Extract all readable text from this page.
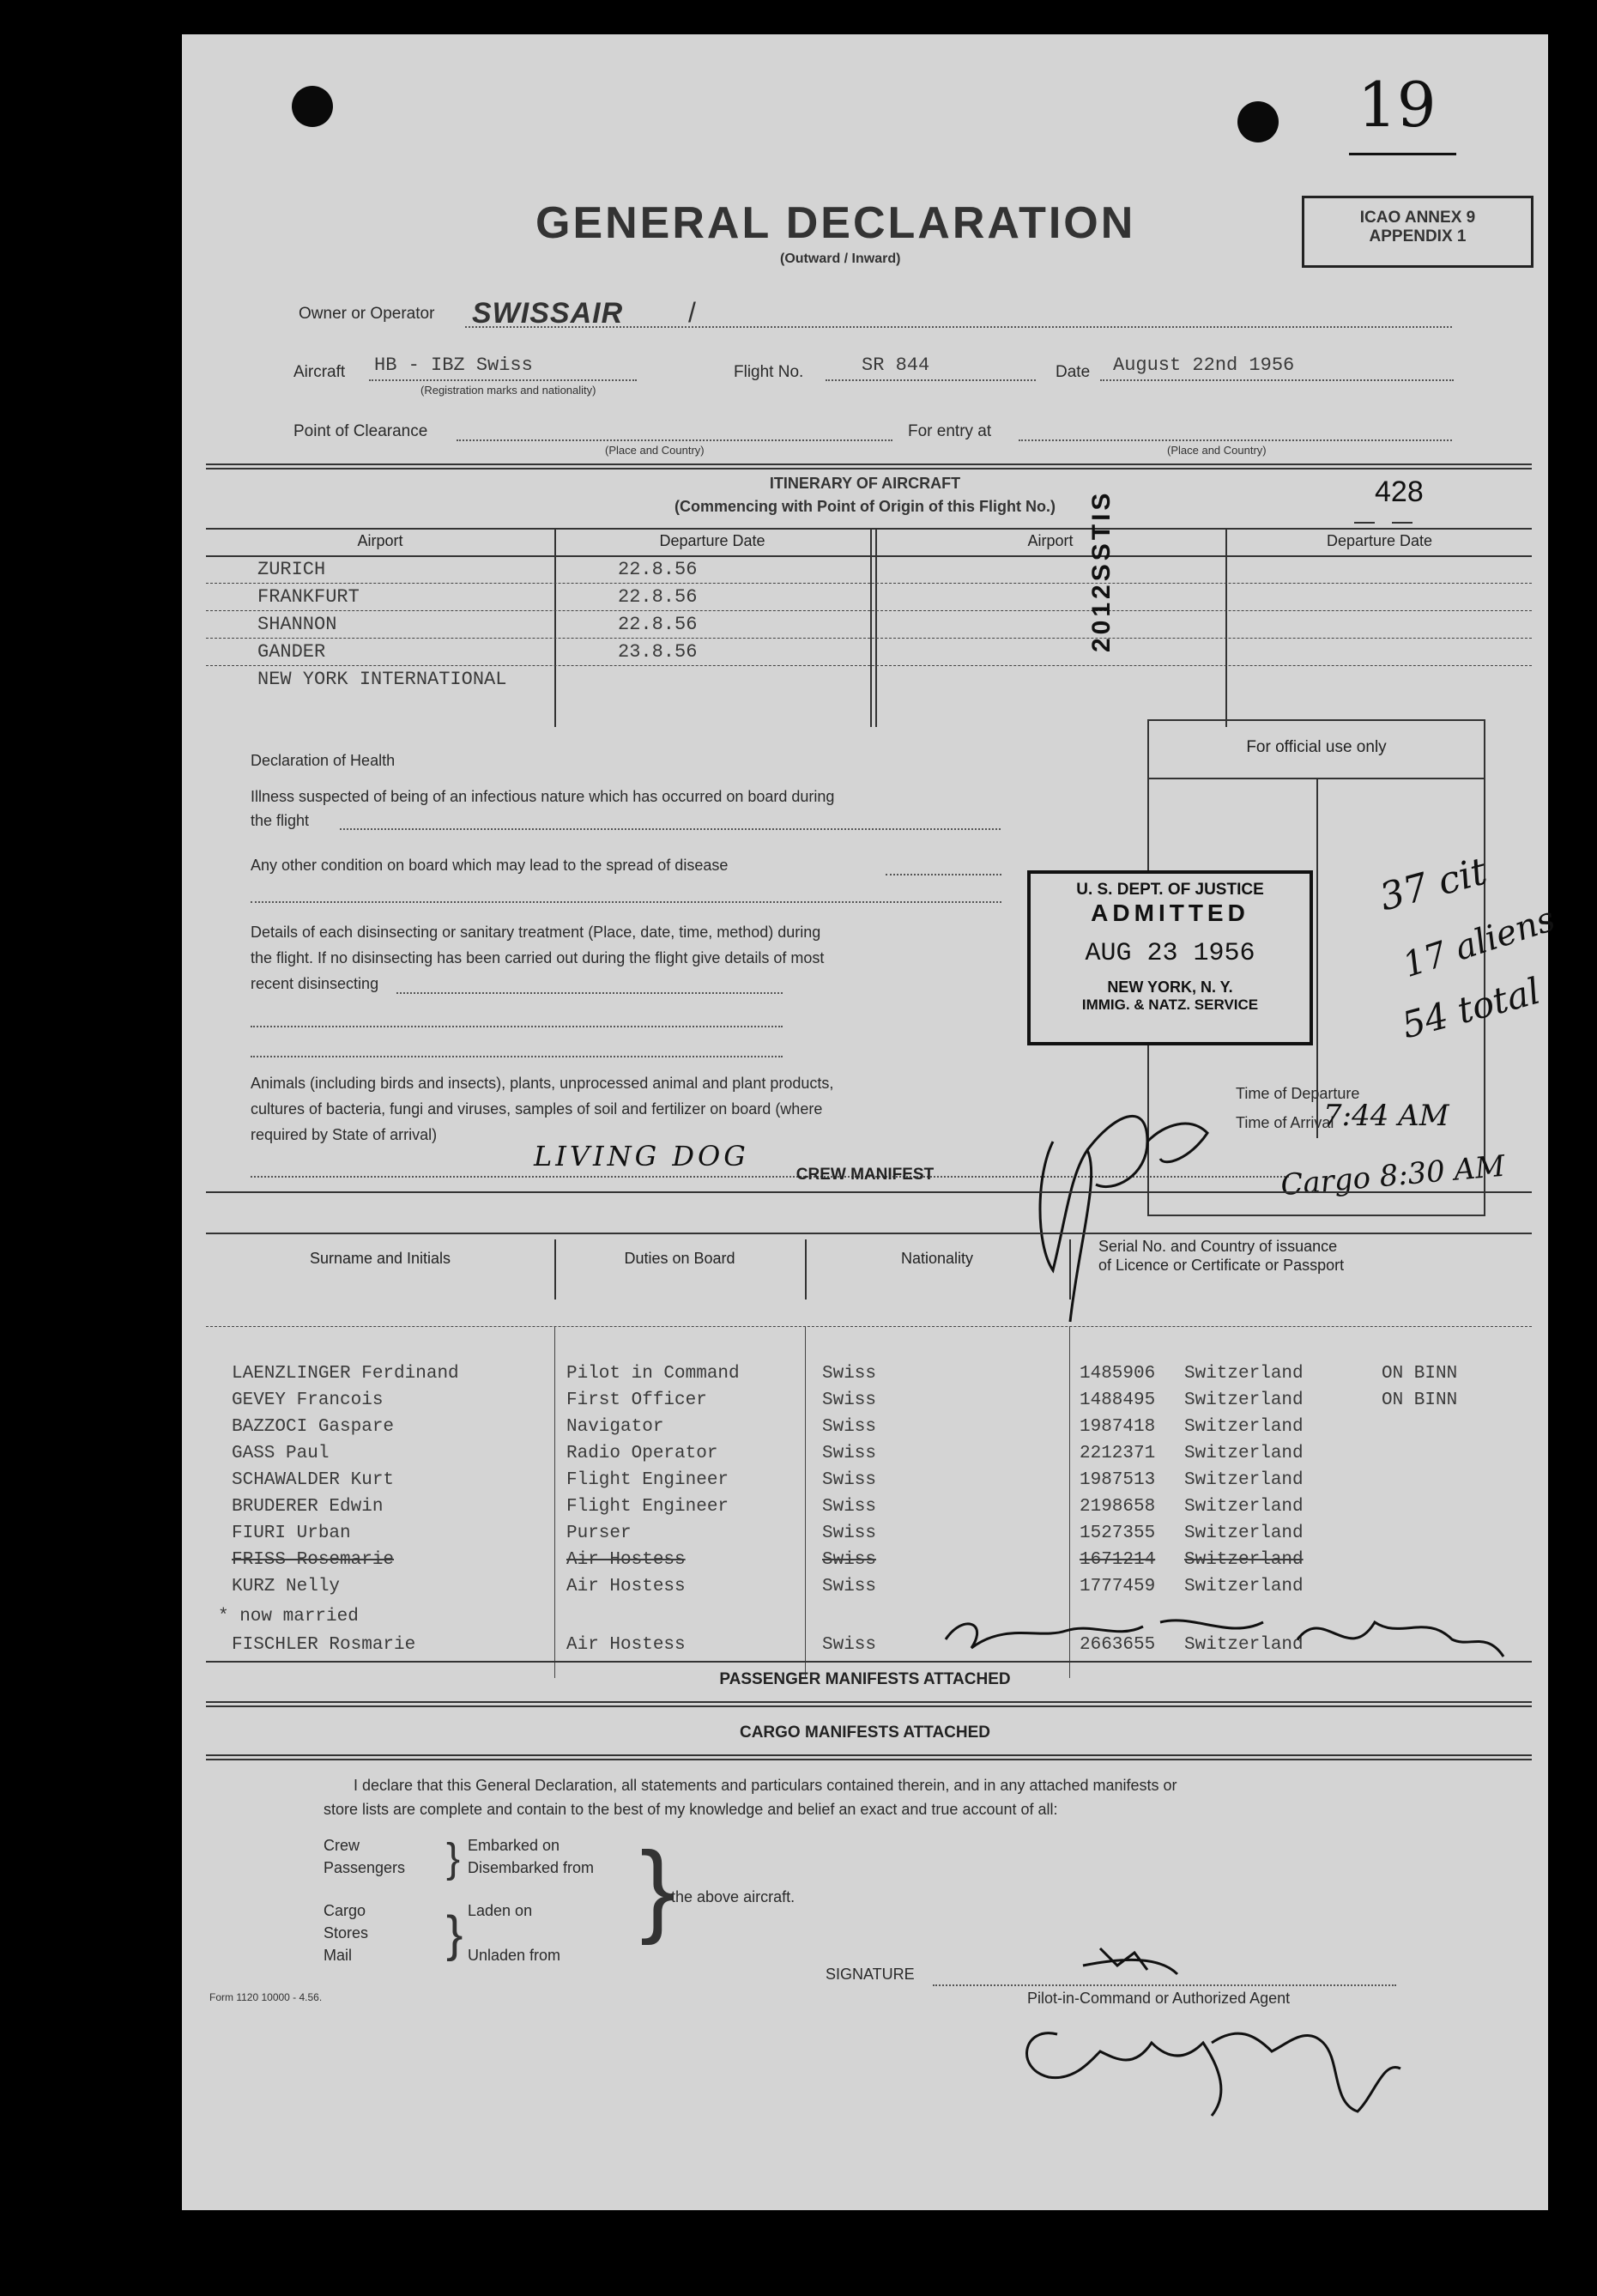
19
GENERAL DECLARATION
(Outward / Inward)
ICAO ANNEX 9
APPENDIX 1
Owner or Operator SWISSAIR /
Aircraft HB - IBZ Swiss
(Registration marks and nationality)
Flight No.	SR 844	Date August 22nd 1956
Point of Clearance
(Place and Country)
For entry at
(Place and Country)
ITINERARY OF AIRCRAFT
(Commencing with Point of Origin of this Flight No.)	428
Airport	Departure Date	Airport	Departure Date
ZURICH	22.8.56
FRANKFURT	22.8.56
SHANNON	22.8.56
GANDER	23.8.56
NEW YORK INTERNATIONAL
2012SSTIS
Declaration of Health
Illness suspected of being of an infectious nature which has occurred on board during
the flight
Any other condition on board which may lead to the spread of disease
Details of each disinsecting or sanitary treatment (Place, date, time, method) during
the flight. If no disinsecting has been carried out during the flight give details of most
recent disinsecting
Animals (including birds and insects), plants, unprocessed animal and plant products,
cultures of bacteria, fungi and viruses, samples of soil and fertilizer on board (where
required by State of arrival)
LIVING DOG
For official use only
Time of Departure
Time of Arrival
7:44 AM
37 cit
17 aliens
54 total
Cargo 8:30 AM
U. S. DEPT. OF JUSTICE
ADMITTED
AUG 23 1956
NEW YORK, N. Y.
IMMIG. & NATZ. SERVICE
CREW MANIFEST
Surname and Initials	Duties on Board	Nationality
Serial No. and Country of issuance
of Licence or Certificate or Passport
LAENZLINGER Ferdinand	Pilot in Command	Swiss	1485906 Switzerland	ON BINN
GEVEY Francois	First Officer	Swiss	1488495 Switzerland	ON BINN
BAZZOCI Gaspare	Navigator	Swiss	1987418 Switzerland
GASS Paul	Radio Operator	Swiss	2212371 Switzerland
SCHAWALDER Kurt	Flight Engineer	Swiss	1987513 Switzerland
BRUDERER Edwin	Flight Engineer	Swiss	2198658 Switzerland
FIURI Urban	Purser	Swiss	1527355 Switzerland
FRISS Rosemarie	Air Hostess	Swiss	1671214 Switzerland
KURZ Nelly	Air Hostess	Swiss	1777459 Switzerland
* now married
FISCHLER Rosmarie	Air Hostess	Swiss	2663655 Switzerland
PASSENGER MANIFESTS ATTACHED
CARGO MANIFESTS ATTACHED
I declare that this General Declaration, all statements and particulars contained therein, and in any attached manifests or
store lists are complete and contain to the best of my knowledge and belief an exact and true account of all:
Crew
Passengers
Embarked on
Disembarked from
Cargo
Stores
Mail
Laden on
Unladen from
}
} }
the above aircraft.
SIGNATURE
Pilot-in-Command or Authorized Agent
Form 1120 10000 - 4.56.
